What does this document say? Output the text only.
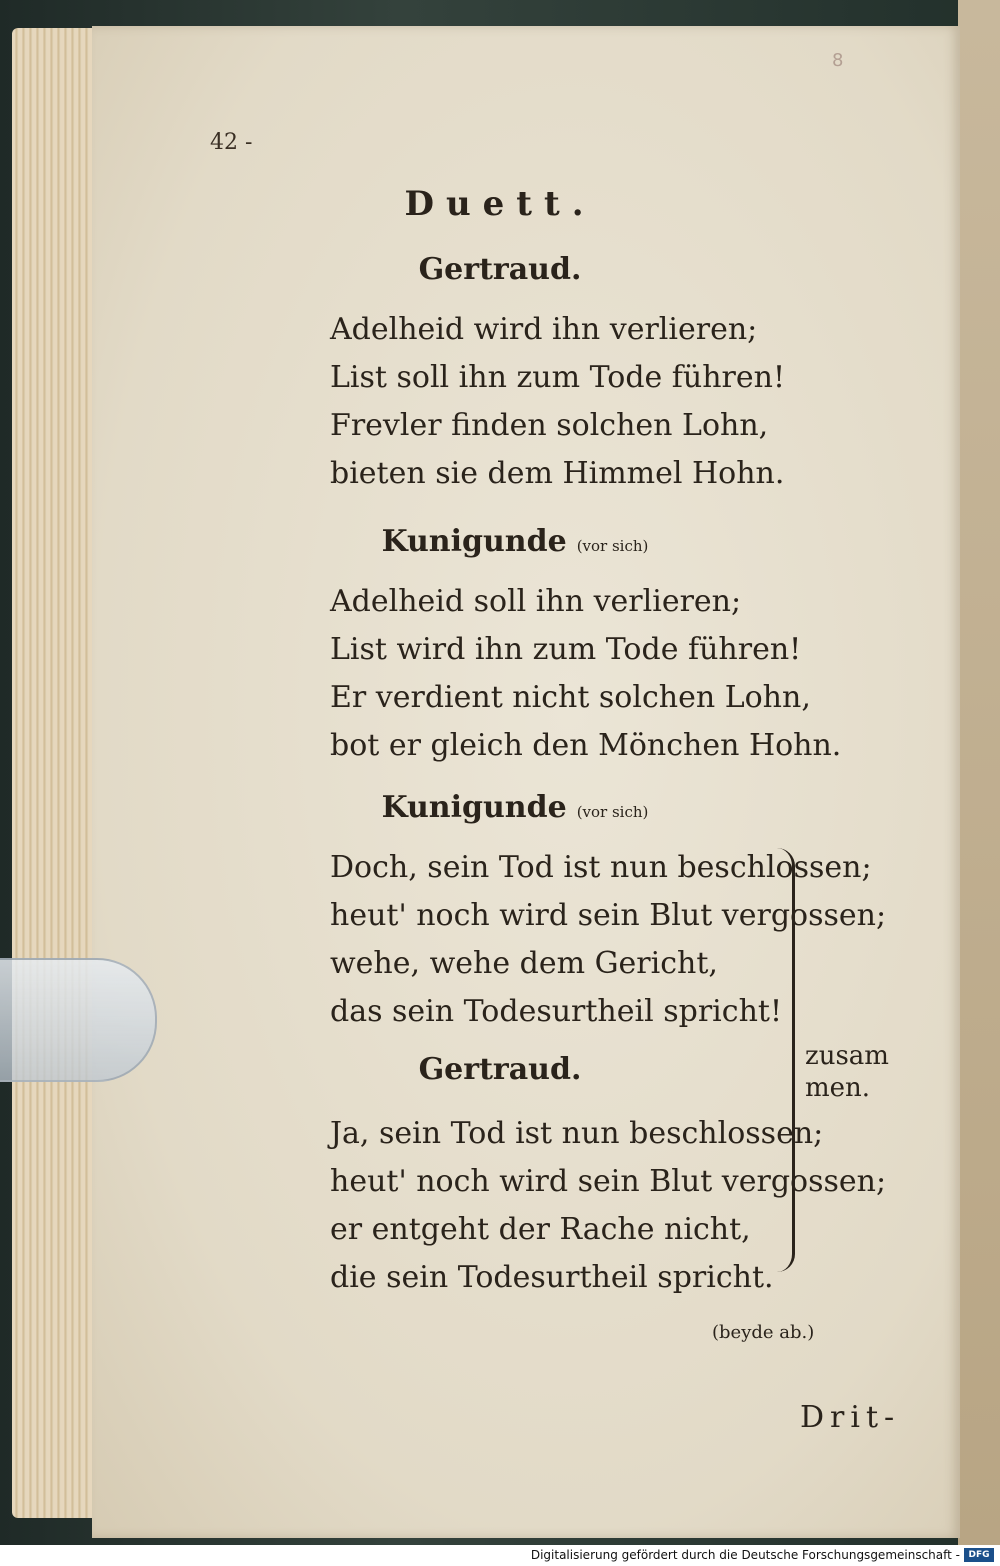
8
42 -
Duett.
Gertraud.
Adelheid wird ihn verlieren;
List soll ihn zum Tode führen!
Frevler finden solchen Lohn,
bieten sie dem Himmel Hohn.
Kunigunde (vor sich)
Adelheid soll ihn verlieren;
List wird ihn zum Tode führen!
Er verdient nicht solchen Lohn,
bot er gleich den Mönchen Hohn.
Kunigunde (vor sich)
Doch, sein Tod ist nun beschlossen;
heut' noch wird sein Blut vergossen;
wehe, wehe dem Gericht,
das sein Todesurtheil spricht!
Gertraud.
Ja, sein Tod ist nun beschlossen;
heut' noch wird sein Blut vergossen;
er entgeht der Rache nicht,
die sein Todesurtheil spricht.
zusam
men.
(beyde ab.)
Drit-
Digitalisierung gefördert durch die Deutsche Forschungsgemeinschaft - DFG
